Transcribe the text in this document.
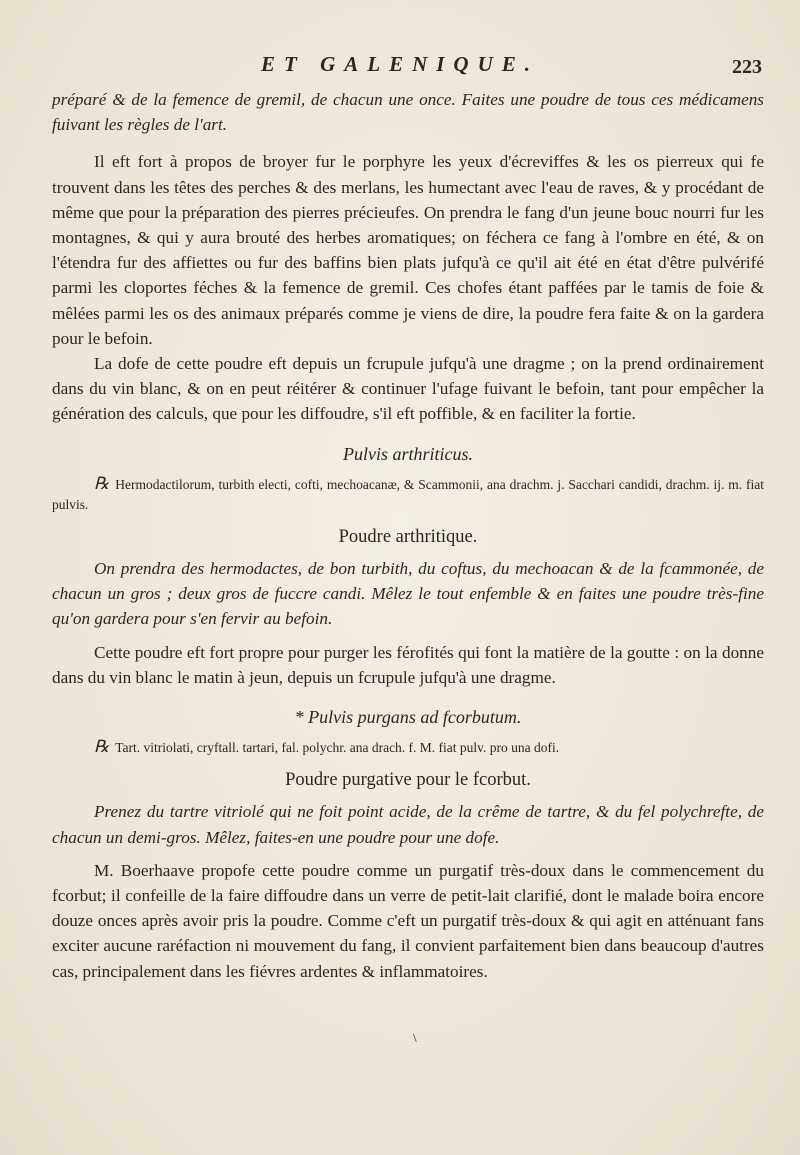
ET GALENIQUE.	223

préparé & de la femence de gremil, de chacun une once. Faites une poudre de tous ces médicamens fuivant les règles de l'art.

Il eft fort à propos de broyer fur le porphyre les yeux d'écreviffes & les os pierreux qui fe trouvent dans les têtes des perches & des merlans, les humectant avec l'eau de raves, & y procédant de même que pour la préparation des pierres précieufes. On prendra le fang d'un jeune bouc nourri fur les montagnes, & qui y aura brouté des herbes aromatiques; on féchera ce fang à l'ombre en été, & on l'étendra fur des affiettes ou fur des baffins bien plats jufqu'à ce qu'il ait été en état d'être pulvérifé parmi les cloportes féches & la femence de gremil. Ces chofes étant paffées par le tamis de foie & mêlées parmi les os des animaux préparés comme je viens de dire, la poudre fera faite & on la gardera pour le befoin.

La dofe de cette poudre eft depuis un fcrupule jufqu'à une dragme ; on la prend ordinairement dans du vin blanc, & on en peut réitérer & continuer l'ufage fuivant le befoin, tant pour empêcher la génération des calculs, que pour les diffoudre, s'il eft poffible, & en faciliter la fortie.

Pulvis arthriticus.

℞ Hermodactilorum, turbith electi, cofti, mechoacanæ, & Scammonii, ana drachm. j. Sacchari candidi, drachm. ij. m. fiat pulvis.

Poudre arthritique.

On prendra des hermodactes, de bon turbith, du coftus, du mechoacan & de la fcammonée, de chacun un gros ; deux gros de fuccre candi. Mêlez le tout enfemble & en faites une poudre très-fine qu'on gardera pour s'en fervir au befoin.

Cette poudre eft fort propre pour purger les férofités qui font la matière de la goutte : on la donne dans du vin blanc le matin à jeun, depuis un fcrupule jufqu'à une dragme.

* Pulvis purgans ad fcorbutum.

℞ Tart. vitriolati, cryftall. tartari, fal. polychr. ana drach. f. M. fiat pulv. pro una dofi.

Poudre purgative pour le fcorbut.

Prenez du tartre vitriolé qui ne foit point acide, de la crême de tartre, & du fel polychrefte, de chacun un demi-gros. Mêlez, faites-en une poudre pour une dofe.

M. Boerhaave propofe cette poudre comme un purgatif très-doux dans le commencement du fcorbut; il confeille de la faire diffoudre dans un verre de petit-lait clarifié, dont le malade boira encore douze onces après avoir pris la poudre. Comme c'eft un purgatif très-doux & qui agit en atténuant fans exciter aucune raréfaction ni mouvement du fang, il convient parfaitement bien dans beaucoup d'autres cas, principalement dans les fiévres ardentes & inflammatoires.

\
